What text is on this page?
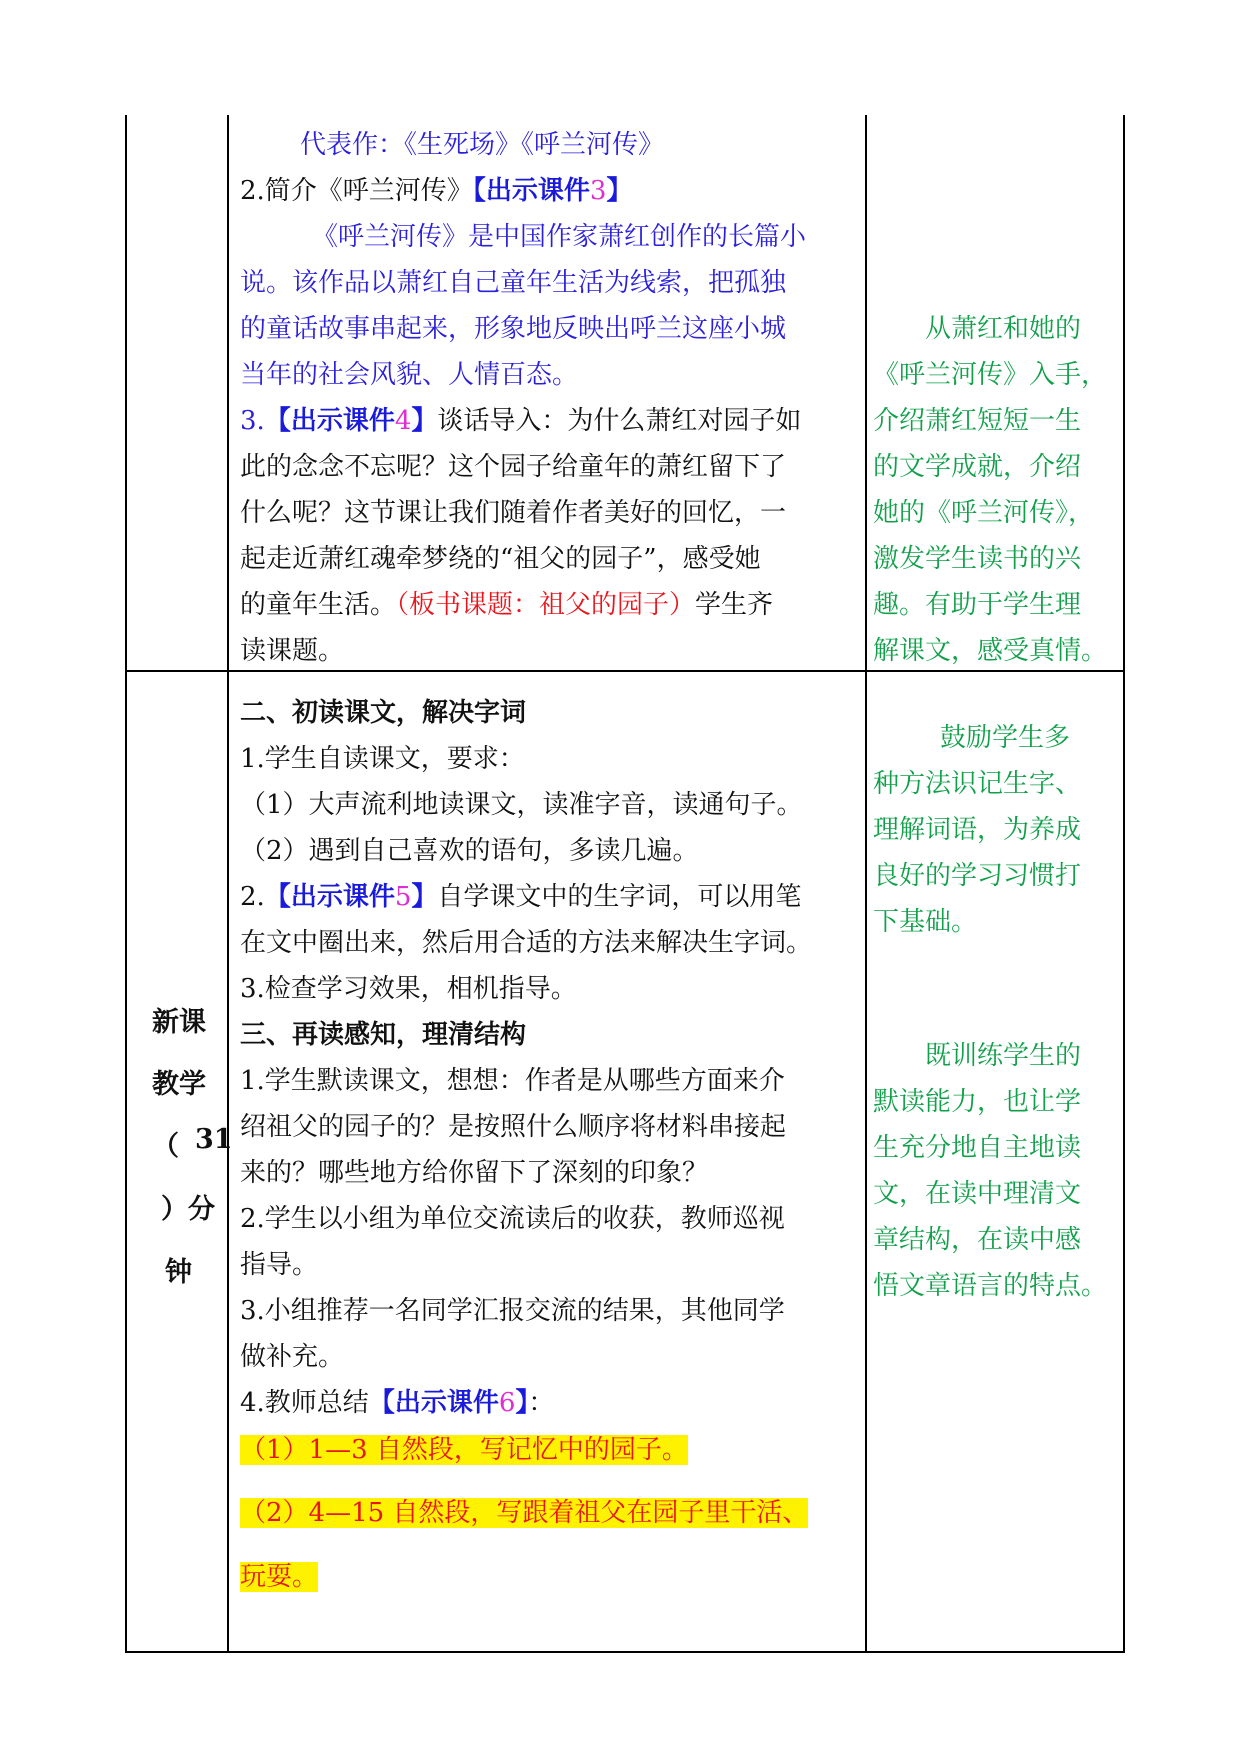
代表作：《生死场》《呼兰河传》
2.简介《呼兰河传》【出示课件3】
《呼兰河传》是中国作家萧红创作的长篇小
说。该作品以萧红自己童年生活为线索，把孤独
的童话故事串起来，形象地反映出呼兰这座小城
当年的社会风貌、人情百态。
3.【出示课件4】谈话导入：为什么萧红对园子如
此的念念不忘呢？这个园子给童年的萧红留下了
什么呢？这节课让我们随着作者美好的回忆，一
起走近萧红魂牵梦绕的“祖父的园子”，感受她
的童年生活。（板书课题：祖父的园子）学生齐
读课题。
从萧红和她的
《呼兰河传》入手，
介绍萧红短短一生
的文学成就，介绍
她的《呼兰河传》，
激发学生读书的兴
趣。有助于学生理
解课文，感受真情。
新课
教学
（ 31
）分
钟
二、初读课文，解决字词
1.学生自读课文，要求：
（1）大声流利地读课文，读准字音，读通句子。
（2）遇到自己喜欢的语句，多读几遍。
2.【出示课件5】自学课文中的生字词，可以用笔
在文中圈出来，然后用合适的方法来解决生字词。
3.检查学习效果，相机指导。
三、再读感知，理清结构
1.学生默读课文，想想：作者是从哪些方面来介
绍祖父的园子的？是按照什么顺序将材料串接起
来的？哪些地方给你留下了深刻的印象？
2.学生以小组为单位交流读后的收获，教师巡视
指导。
3.小组推荐一名同学汇报交流的结果，其他同学
做补充。
4.教师总结【出示课件6】：
（1）1—3 自然段，写记忆中的园子。
（2）4—15 自然段，写跟着祖父在园子里干活、
玩耍。
鼓励学生多
种方法识记生字、
理解词语，为养成
良好的学习习惯打
下基础。
既训练学生的
默读能力，也让学
生充分地自主地读
文，在读中理清文
章结构，在读中感
悟文章语言的特点。
